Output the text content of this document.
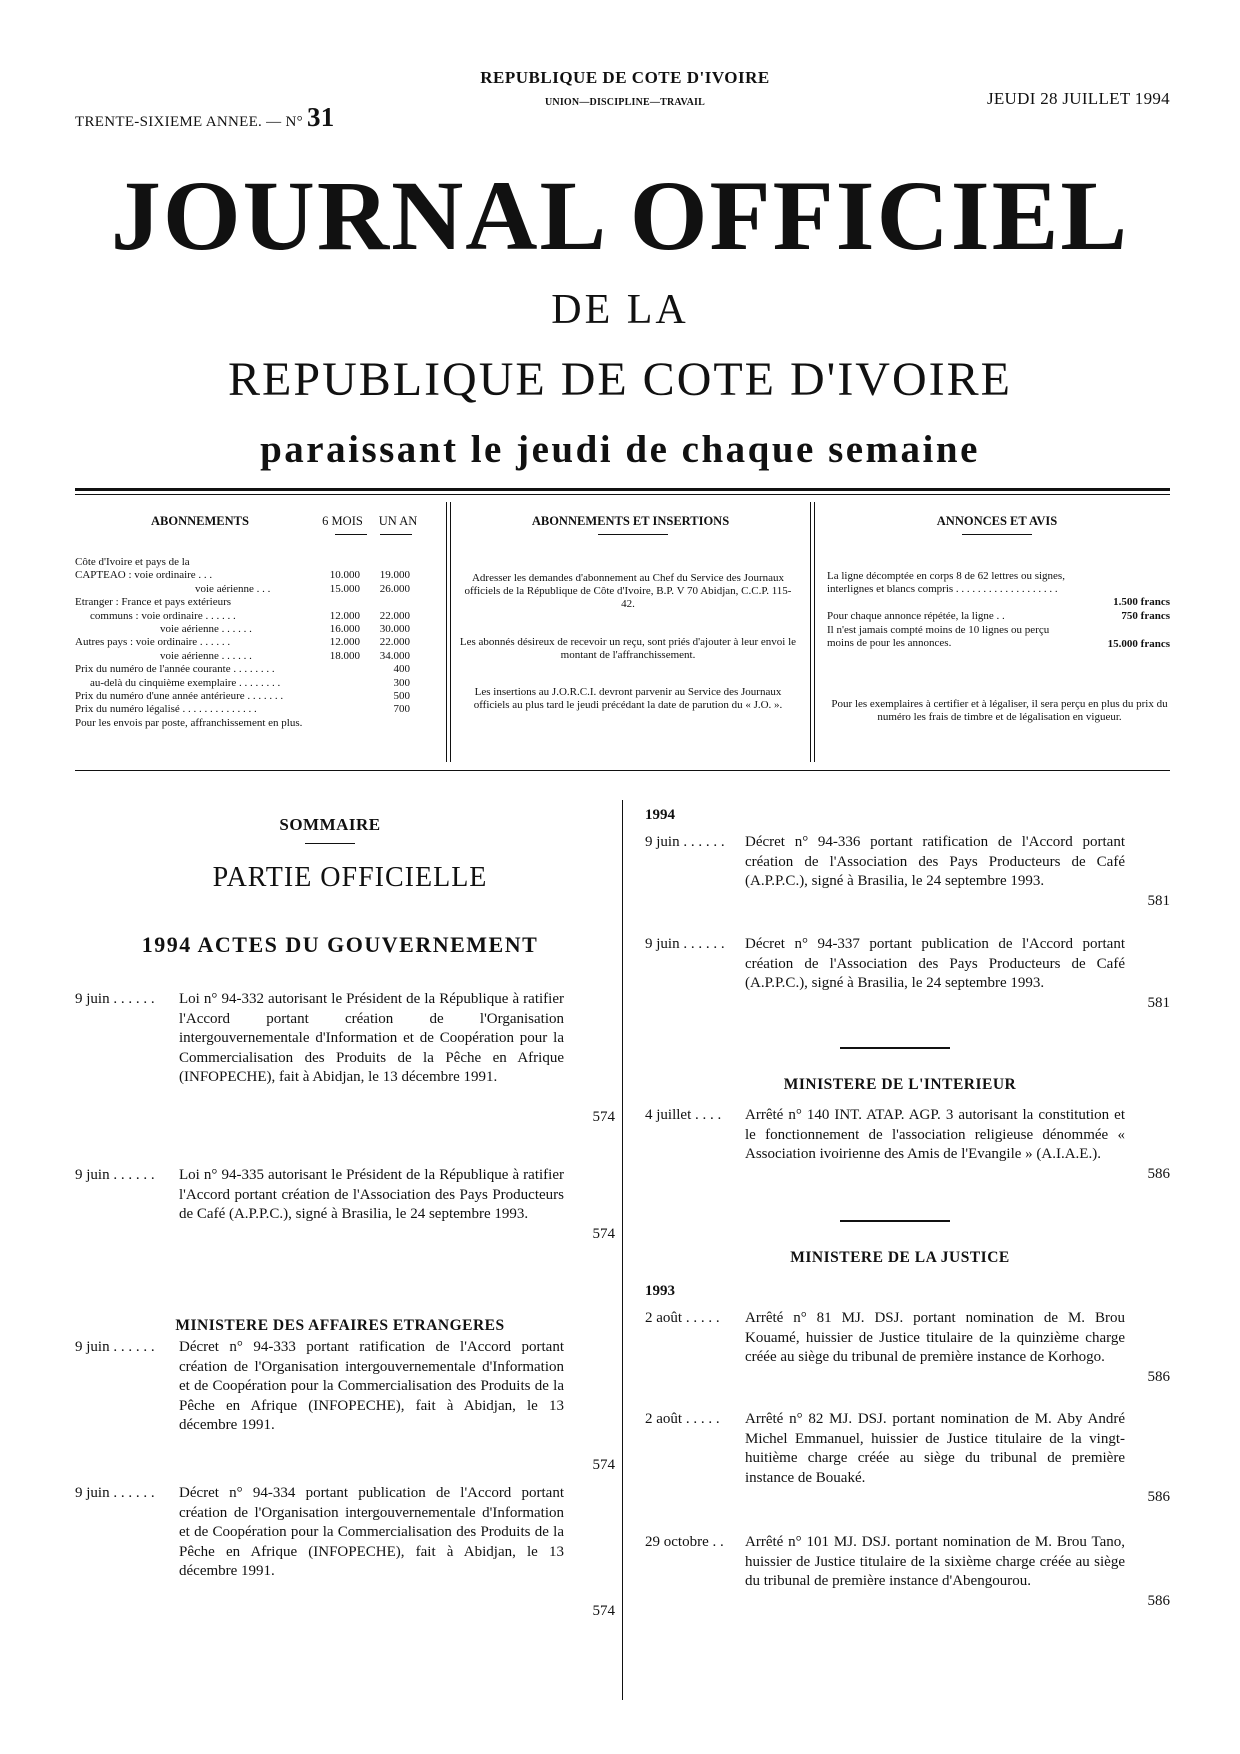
TRENTE-SIXIEME ANNEE. — N° 31
REPUBLIQUE DE COTE D'IVOIRE
UNION—DISCIPLINE—TRAVAIL	JEUDI 28 JUILLET 1994
JOURNAL OFFICIEL
DE LA
REPUBLIQUE DE COTE D'IVOIRE
paraissant le jeudi de chaque semaine
ABONNEMENTS	6 MOIS	UN AN
Côte d'Ivoire et pays de la
CAPTEAO : voie ordinaire . . .	10.000	19.000
voie aérienne . . .	15.000	26.000
Etranger : France et pays extérieurs
communs : voie ordinaire . . . . . .	12.000	22.000
voie aérienne . . . . . .	16.000	30.000
Autres pays : voie ordinaire . . . . . .	12.000	22.000
voie aérienne . . . . . .	18.000	34.000
Prix du numéro de l'année courante . . . . . . . .	400
au-delà du cinquième exemplaire . . . . . . . .	300
Prix du numéro d'une année antérieure . . . . . . .	500
Prix du numéro légalisé . . . . . . . . . . . . . .	700
Pour les envois par poste, affranchissement en plus.
ABONNEMENTS ET INSERTIONS
Adresser les demandes d'abonnement au Chef du Service des Journaux officiels de la République de Côte d'Ivoire, B.P. V 70 Abidjan, C.C.P. 115-42.
Les abonnés désireux de recevoir un reçu, sont priés d'ajouter à leur envoi le montant de l'affranchissement.
Les insertions au J.O.R.C.I. devront parvenir au Service des Journaux officiels au plus tard le jeudi précédant la date de parution du « J.O. ».
ANNONCES ET AVIS
La ligne décomptée en corps 8 de 62 lettres ou signes, interlignes et blancs compris . . . . . . . . . . . . . . . . . . .
1.500 francs
Pour chaque annonce répétée, la ligne . .	750 francs
Il n'est jamais compté moins de 10 lignes ou perçu moins de pour les annonces.	15.000 francs
Pour les exemplaires à certifier et à légaliser, il sera perçu en plus du prix du numéro les frais de timbre et de légalisation en vigueur.
SOMMAIRE
PARTIE OFFICIELLE
1994 ACTES DU GOUVERNEMENT
9 juin . . . . . . Loi n° 94-332 autorisant le Président de la République à ratifier l'Accord portant création de l'Organisation intergouvernementale d'Information et de Coopération pour la Commercialisation des Produits de la Pêche en Afrique (INFOPECHE), fait à Abidjan, le 13 décembre 1991.
574
9 juin . . . . . . Loi n° 94-335 autorisant le Président de la République à ratifier l'Accord portant création de l'Association des Pays Producteurs de Café (A.P.P.C.), signé à Brasilia, le 24 septembre 1993.
574
9 juin . . . . . . Décret n° 94-333 portant ratification de l'Accord portant création de l'Organisation intergouvernementale d'Information et de Coopération pour la Commercialisation des Produits de la Pêche en Afrique (INFOPECHE), fait à Abidjan, le 13 décembre 1991.
574
9 juin . . . . . . Décret n° 94-334 portant publication de l'Accord portant création de l'Organisation intergouvernementale d'Information et de Coopération pour la Commercialisation des Produits de la Pêche en Afrique (INFOPECHE), fait à Abidjan, le 13 décembre 1991.
574
MINISTERE DES AFFAIRES ETRANGERES
1994
9 juin . . . . . . Décret n° 94-336 portant ratification de l'Accord portant création de l'Association des Pays Producteurs de Café (A.P.P.C.), signé à Brasilia, le 24 septembre 1993.
581
9 juin . . . . . . Décret n° 94-337 portant publication de l'Accord portant création de l'Association des Pays Producteurs de Café (A.P.P.C.), signé à Brasilia, le 24 septembre 1993.
581
4 juillet . . . . Arrêté n° 140 INT. ATAP. AGP. 3 autorisant la constitution et le fonctionnement de l'association religieuse dénommée « Association ivoirienne des Amis de l'Evangile » (A.I.A.E.).
586
2 août . . . . . Arrêté n° 81 MJ. DSJ. portant nomination de M. Brou Kouamé, huissier de Justice titulaire de la quinzième charge créée au siège du tribunal de première instance de Korhogo.
586
2 août . . . . . Arrêté n° 82 MJ. DSJ. portant nomination de M. Aby André Michel Emmanuel, huissier de Justice titulaire de la vingt-huitième charge créée au siège du tribunal de première instance de Bouaké.
586
29 octobre . . Arrêté n° 101 MJ. DSJ. portant nomination de M. Brou Tano, huissier de Justice titulaire de la sixième charge créée au siège du tribunal de première instance d'Abengourou.
586
MINISTERE DE L'INTERIEUR
MINISTERE DE LA JUSTICE
1993
